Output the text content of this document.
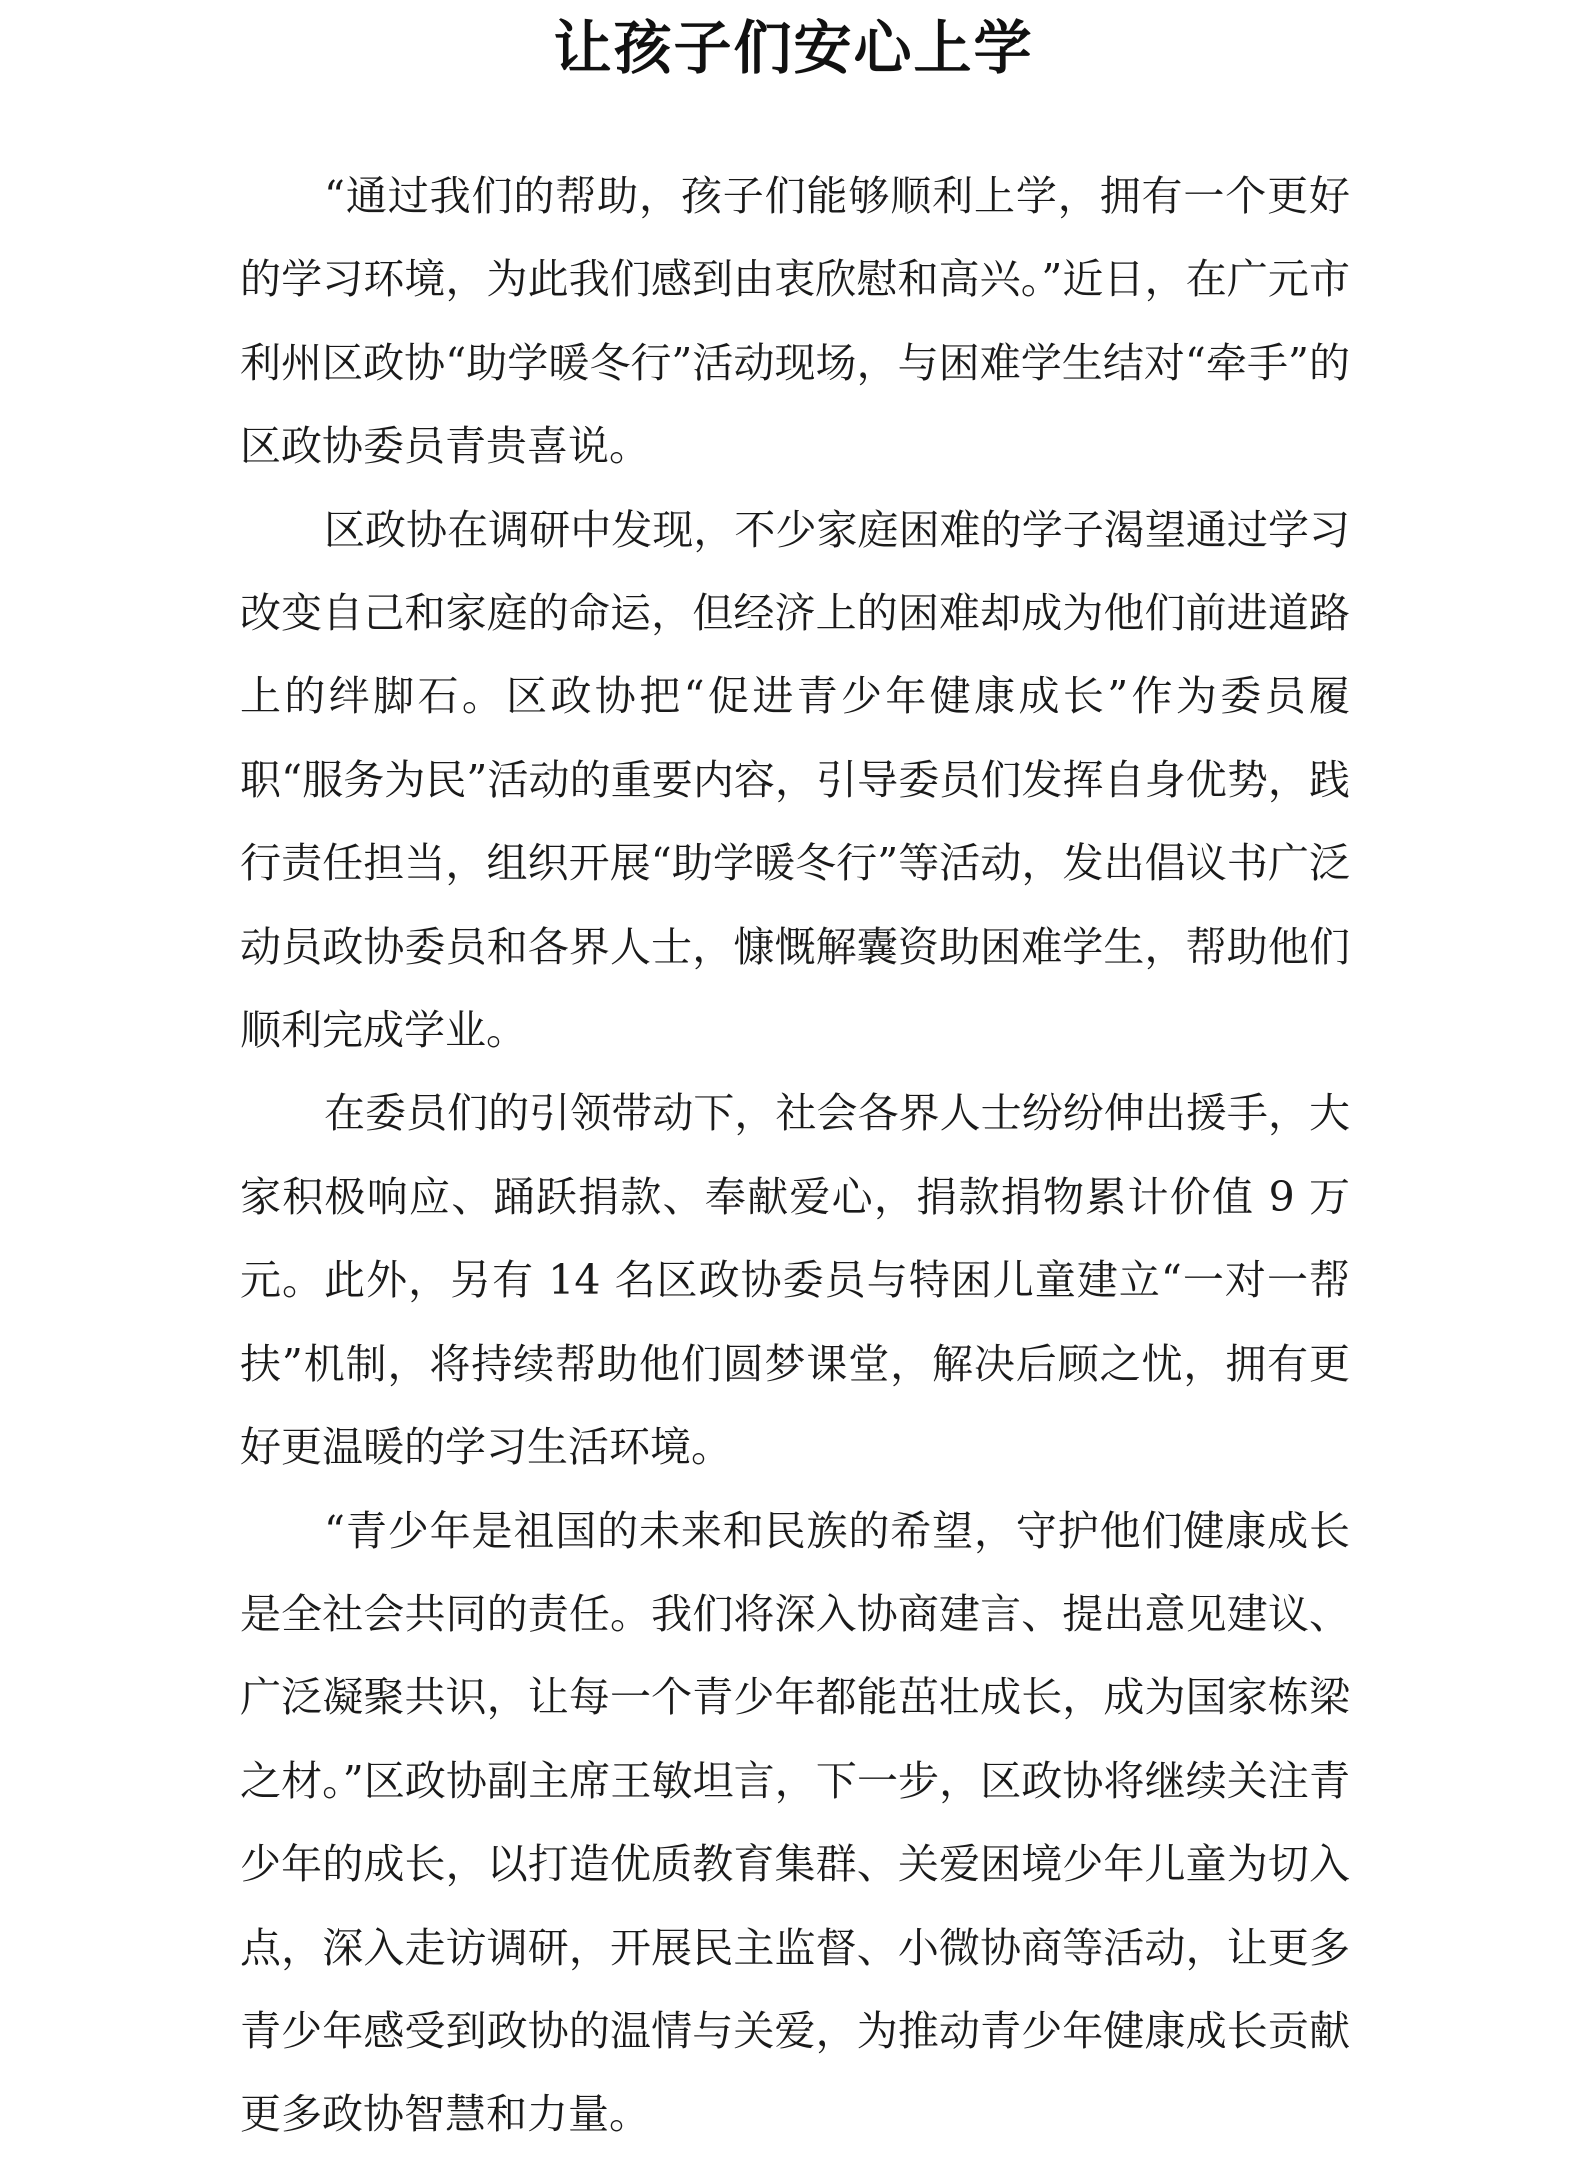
让孩子们安心上学

“通过我们的帮助，孩子们能够顺利上学，拥有一个更好的学习环境，为此我们感到由衷欣慰和高兴。”近日，在广元市利州区政协“助学暖冬行”活动现场，与困难学生结对“牵手”的区政协委员青贵喜说。

区政协在调研中发现，不少家庭困难的学子渴望通过学习改变自己和家庭的命运，但经济上的困难却成为他们前进道路上的绊脚石。区政协把“促进青少年健康成长”作为委员履职“服务为民”活动的重要内容，引导委员们发挥自身优势，践行责任担当，组织开展“助学暖冬行”等活动，发出倡议书广泛动员政协委员和各界人士，慷慨解囊资助困难学生，帮助他们顺利完成学业。

在委员们的引领带动下，社会各界人士纷纷伸出援手，大家积极响应、踊跃捐款、奉献爱心，捐款捐物累计价值 9 万元。此外，另有 14 名区政协委员与特困儿童建立“一对一帮扶”机制，将持续帮助他们圆梦课堂，解决后顾之忧，拥有更好更温暖的学习生活环境。

“青少年是祖国的未来和民族的希望，守护他们健康成长是全社会共同的责任。我们将深入协商建言、提出意见建议、广泛凝聚共识，让每一个青少年都能茁壮成长，成为国家栋梁之材。”区政协副主席王敏坦言，下一步，区政协将继续关注青少年的成长，以打造优质教育集群、关爱困境少年儿童为切入点，深入走访调研，开展民主监督、小微协商等活动，让更多青少年感受到政协的温情与关爱，为推动青少年健康成长贡献更多政协智慧和力量。
